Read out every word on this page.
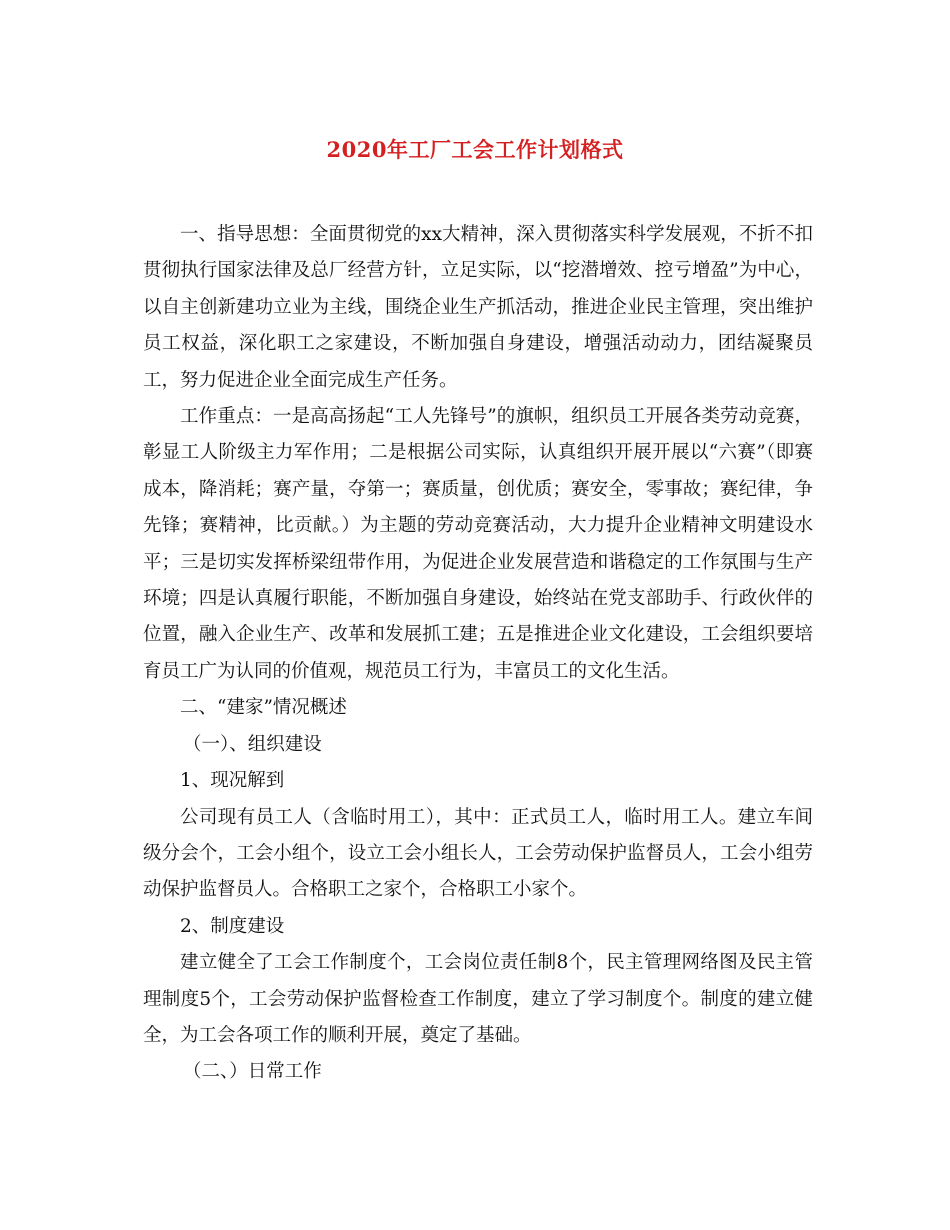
2020年工厂工会工作计划格式

一、指导思想：全面贯彻党的xx大精神，深入贯彻落实科学发展观，不折不扣贯彻执行国家法律及总厂经营方针，立足实际，以“挖潜增效、控亏增盈”为中心，以自主创新建功立业为主线，围绕企业生产抓活动，推进企业民主管理，突出维护员工权益，深化职工之家建设，不断加强自身建设，增强活动动力，团结凝聚员工，努力促进企业全面完成生产任务。

工作重点：一是高高扬起“工人先锋号”的旗帜，组织员工开展各类劳动竞赛，彰显工人阶级主力军作用；二是根据公司实际，认真组织开展开展以“六赛”（即赛成本，降消耗；赛产量，夺第一；赛质量，创优质；赛安全，零事故；赛纪律，争先锋；赛精神，比贡献。）为主题的劳动竞赛活动，大力提升企业精神文明建设水平；三是切实发挥桥梁纽带作用，为促进企业发展营造和谐稳定的工作氛围与生产环境；四是认真履行职能，不断加强自身建设，始终站在党支部助手、行政伙伴的位置，融入企业生产、改革和发展抓工建；五是推进企业文化建设，工会组织要培育员工广为认同的价值观，规范员工行为，丰富员工的文化生活。

二、“建家”情况概述

（一）、组织建设

1、现况解到

公司现有员工人（含临时用工），其中：正式员工人，临时用工人。建立车间级分会个，工会小组个，设立工会小组长人，工会劳动保护监督员人，工会小组劳动保护监督员人。合格职工之家个，合格职工小家个。

2、制度建设

建立健全了工会工作制度个，工会岗位责任制8个，民主管理网络图及民主管理制度5个，工会劳动保护监督检查工作制度，建立了学习制度个。制度的建立健全，为工会各项工作的顺利开展，奠定了基础。

（二、）日常工作
